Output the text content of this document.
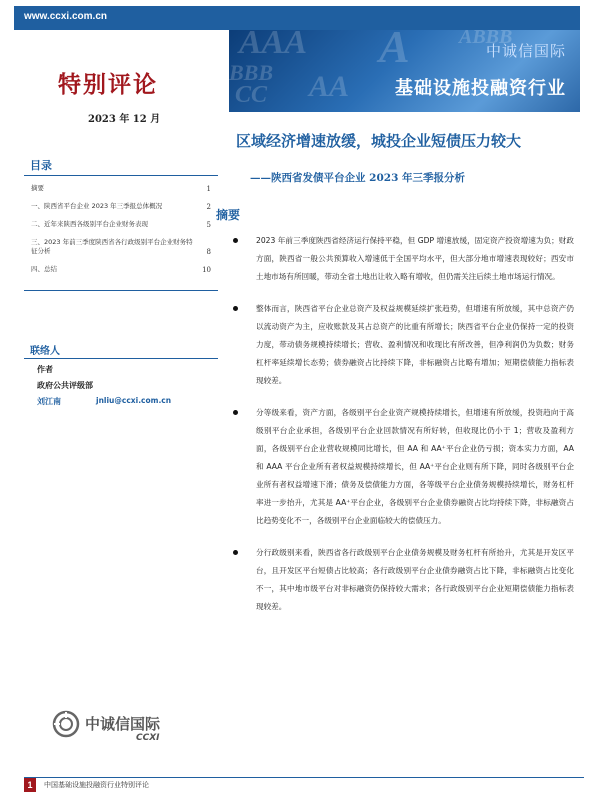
www.ccxi.com.cn
AAA
BBB
A
CC AA
ABBB
中诚信国际
基础设施投融资行业
特别评论
2023 年 12 月
区域经济增速放缓，城投企业短债压力较大
——陕西省发债平台企业 2023 年三季报分析
目录
摘要	1
一、陕西省平台企业 2023 年三季报总体概况	2
二、近年来陕西各级别平台企业财务表现	5
三、2023 年前三季度陕西省各行政级别平台企业财务特征分析	8
四、总结	10
联络人
作者
政府公共评级部
刘江南	jnliu@ccxi.com.cn
摘要
2023 年前三季度陕西省经济运行保持平稳，但 GDP 增速放缓，固定资产投资增速为负；财政方面，陕西省一般公共预算收入增速低于全国平均水平，但大部分地市增速表现较好；西安市土地市场有所回暖，带动全省土地出让收入略有增收，但仍需关注后续土地市场运行情况。
整体而言，陕西省平台企业总资产及权益规模延续扩张趋势，但增速有所放缓，其中总资产仍以流动资产为主，应收账款及其占总资产的比重有所增长；陕西省平台企业仍保持一定的投资力度，带动债务规模持续增长；营收、盈利情况和收现比有所改善，但净利润仍为负数；财务杠杆率延续增长态势；债券融资占比持续下降，非标融资占比略有增加；短期偿债能力指标表现较差。
分等级来看，资产方面，各级别平台企业资产规模持续增长，但增速有所放缓，投资趋向于高级别平台企业承担，各级别平台企业回款情况有所好转，但收现比仍小于 1；营收及盈利方面，各级别平台企业营收规模同比增长，但 AA 和 AA⁺平台企业仍亏损；资本实力方面，AA 和 AAA 平台企业所有者权益规模持续增长，但 AA⁺平台企业则有所下降，同时各级别平台企业所有者权益增速下滑；债务及偿债能力方面，各等级平台企业债务规模持续增长，财务杠杆率进一步抬升，尤其是 AA⁺平台企业，各级别平台企业债券融资占比均持续下降，非标融资占比趋势变化不一，各级别平台企业面临较大的偿债压力。
分行政级别来看，陕西省各行政级别平台企业债务规模及财务杠杆有所抬升，尤其是开发区平台，且开发区平台短债占比较高；各行政级别平台企业债券融资占比下降，非标融资占比变化不一，其中地市级平台对非标融资仍保持较大需求；各行政级别平台企业短期偿债能力指标表现较差。
中诚信国际
CCXI
1	中国基础设施投融资行业特别评论
